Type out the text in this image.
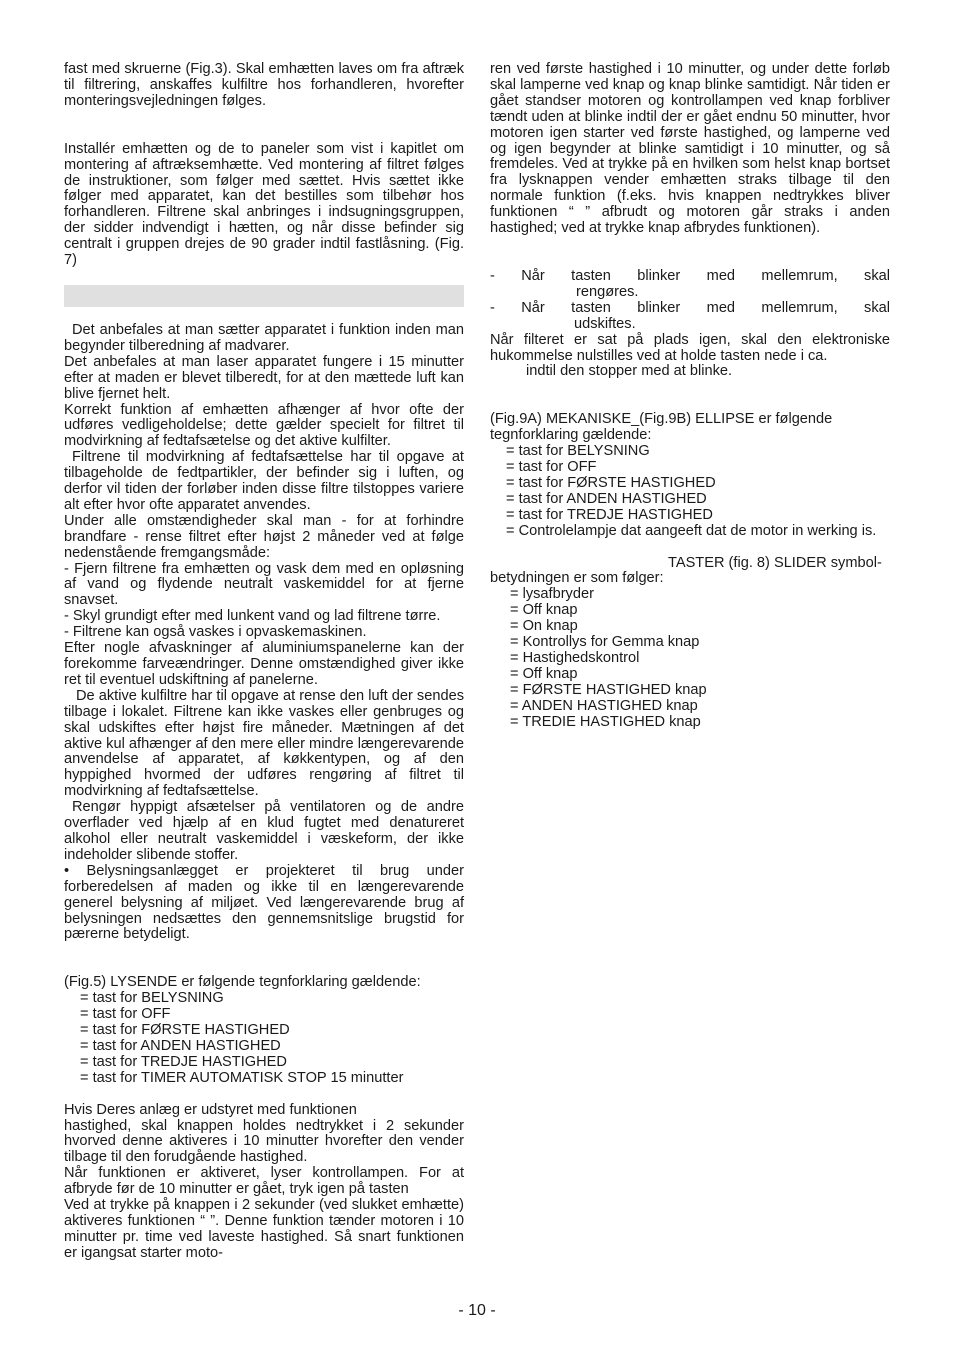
fast med skruerne (Fig.3). Skal emhætten laves om fra aftræk til filtrering, anskaffes kulfiltre hos forhandleren, hvorefter monteringsvejledningen følges.

Installér emhætten og de to paneler som vist i kapitlet om montering af aftræksemhætte. Ved montering af filtret følges de instruktioner, som følger med sættet. Hvis sættet ikke følger med apparatet, kan det bestilles som tilbehør hos forhandleren. Filtrene skal anbringes i indsugningsgruppen, der sidder indvendigt i hætten, og når disse befinder sig centralt i gruppen drejes de 90 grader indtil fastlåsning. (Fig. 7)

Det anbefales at man sætter apparatet i funktion inden man begynder tilberedning af madvarer.

Det anbefales at man laser apparatet fungere i 15 minutter efter at maden er blevet tilberedt, for at den mættede luft kan blive fjernet helt.

Korrekt funktion af emhætten afhænger af hvor ofte der udføres vedligeholdelse; dette gælder specielt for filtret til modvirkning af fedtafsætelse og det aktive kulfilter.

Filtrene til modvirkning af fedtafsættelse har til opgave at tilbageholde de fedtpartikler, der befinder sig i luften, og derfor vil tiden der forløber inden disse filtre tilstoppes variere alt efter hvor ofte apparatet anvendes.

Under alle omstændigheder skal man - for at forhindre brandfare - rense filtret efter højst 2 måneder ved at følge nedenstående fremgangsmåde:

- Fjern filtrene fra emhætten og vask dem med en opløsning af vand og flydende neutralt vaskemiddel for at fjerne snavset.

- Skyl grundigt efter med lunkent vand og lad filtrene tørre.

- Filtrene kan også vaskes i opvaskemaskinen.

Efter nogle afvaskninger af aluminiumspanelerne kan der forekomme farveændringer. Denne omstændighed giver ikke ret til eventuel udskiftning af panelerne.

De aktive kulfiltre har til opgave at rense den luft der sendes tilbage i lokalet. Filtrene kan ikke vaskes eller genbruges og skal udskiftes efter højst fire måneder. Mætningen af det aktive kul afhænger af den mere eller mindre længerevarende anvendelse af apparatet, af køkkentypen, og af den hyppighed hvormed der udføres rengøring af filtret til modvirkning af fedtafsættelse.

Rengør hyppigt afsætelser på ventilatoren og de andre overflader ved hjælp af en klud fugtet med denatureret alkohol eller neutralt vaskemiddel i væskeform, der ikke indeholder slibende stoffer.

• Belysningsanlægget er projekteret til brug under forberedelsen af maden og ikke til en længerevarende generel belysning af miljøet. Ved længerevarende brug af belysningen nedsættes den gennemsnitslige brugstid for pærerne betydeligt.

(Fig.5) LYSENDE er følgende tegnforklaring gældende:

= tast for BELYSNING
= tast for OFF
= tast for FØRSTE HASTIGHED
= tast for ANDEN HASTIGHED
= tast for TREDJE HASTIGHED
= tast for TIMER AUTOMATISK STOP 15 minutter

Hvis Deres anlæg er udstyret med funktionen

hastighed, skal knappen holdes nedtrykket i 2 sekunder hvorved denne aktiveres i 10 minutter hvorefter den vender tilbage til den forudgående hastighed.

Når funktionen er aktiveret, lyser kontrollampen. For at afbryde før de 10 minutter er gået, tryk igen på tasten

Ved at trykke på knappen i 2 sekunder (ved slukket emhætte) aktiveres funktionen “ ”. Denne funktion tænder motoren i 10 minutter pr. time ved laveste hastighed. Så snart funktionen er igangsat starter moto-

ren ved første hastighed i 10 minutter, og under dette forløb skal lamperne ved knap og knap blinke samtidigt. Når tiden er gået standser motoren og kontrollampen ved knap forbliver tændt uden at blinke indtil der er gået endnu 50 minutter, hvor motoren igen starter ved første hastighed, og lamperne ved og igen begynder at blinke samtidigt i 10 minutter, og så fremdeles. Ved at trykke på en hvilken som helst knap bortset fra lysknappen vender emhætten straks tilbage til den normale funktion (f.eks. hvis knappen nedtrykkes bliver funktionen “ ” afbrudt og motoren går straks i anden hastighed; ved at trykke knap afbrydes funktionen).

- Når tasten blinker med mellemrum, skal

rengøres.

- Når tasten blinker med mellemrum, skal

udskiftes.

Når filteret er sat på plads igen, skal den elektroniske hukommelse nulstilles ved at holde tasten nede i ca.

indtil den stopper med at blinke.

(Fig.9A) MEKANISKE_(Fig.9B) ELLIPSE er følgende tegnforklaring gældende:

= tast for BELYSNING
= tast for OFF
= tast for FØRSTE HASTIGHED
= tast for ANDEN HASTIGHED
= tast for TREDJE HASTIGHED

= Controlelampje dat aangeeft dat de motor in werking is.

TASTER (fig. 8) SLIDER symbol-

betydningen er som følger:

= lysafbryder
= Off knap
= On knap
= Kontrollys for Gemma knap
= Hastighedskontrol
= Off knap
= FØRSTE HASTIGHED knap
= ANDEN HASTIGHED knap
= TREDIE HASTIGHED knap
- 10 -
